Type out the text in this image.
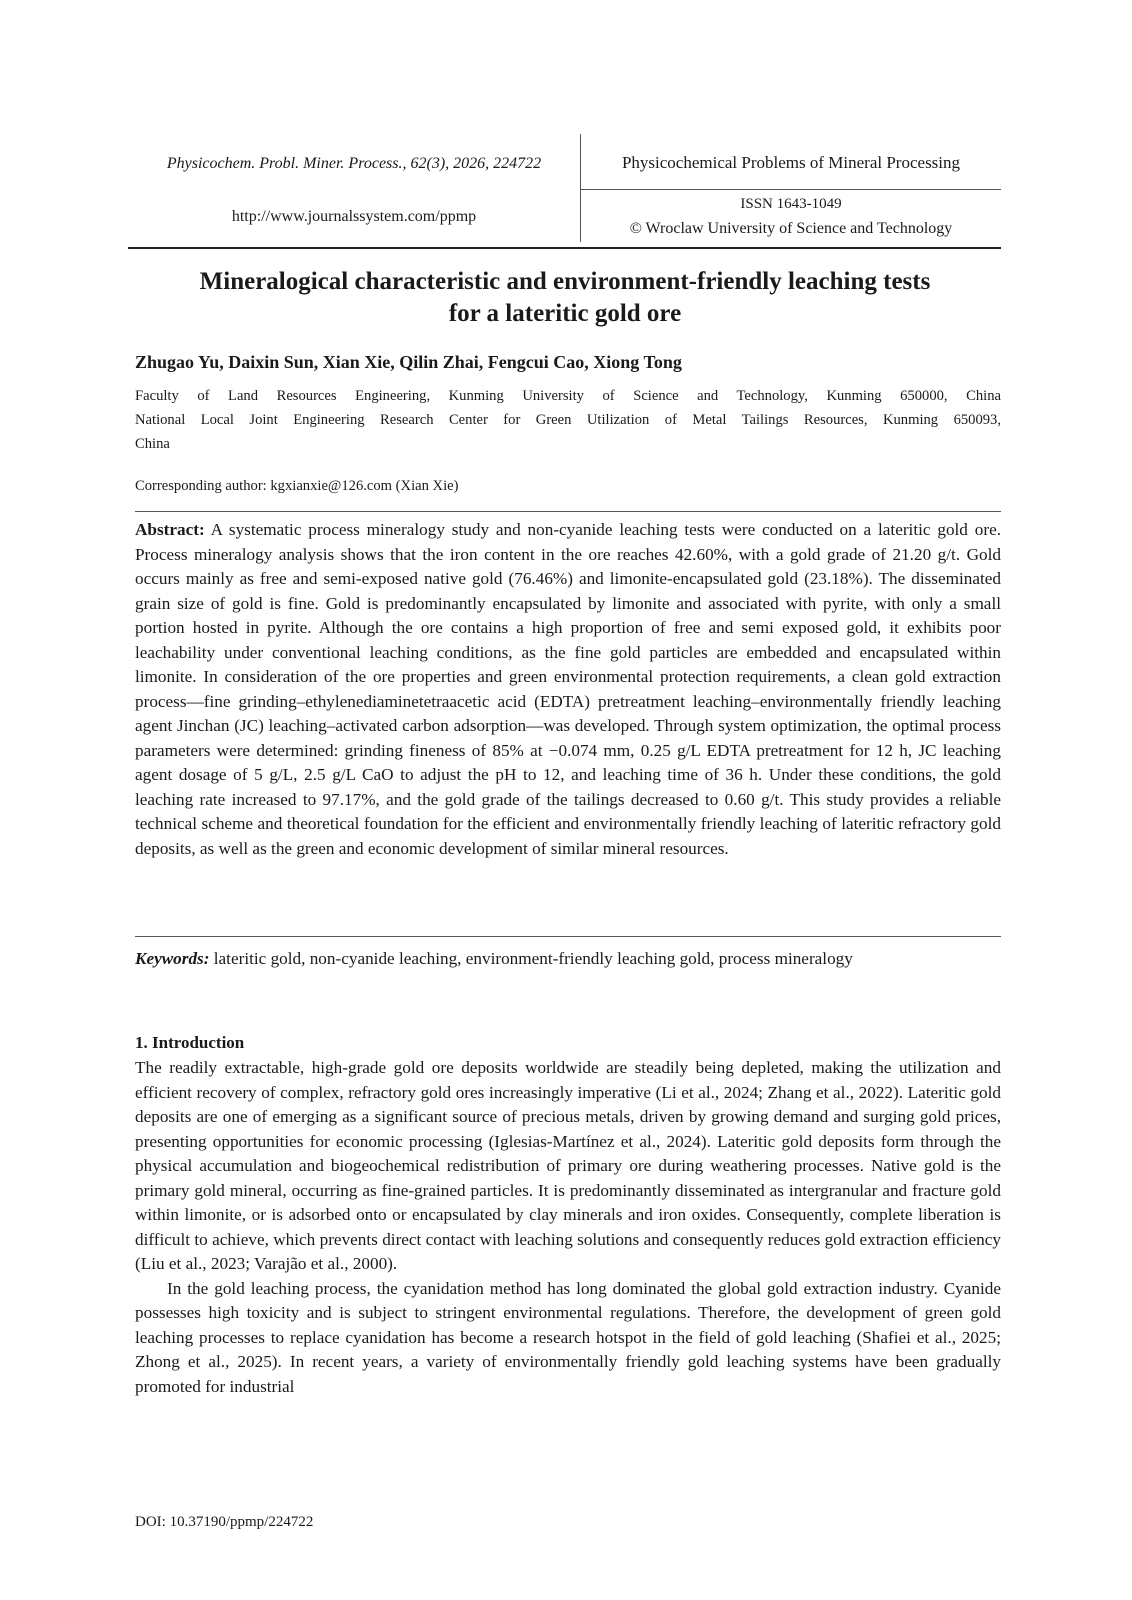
Physicochem. Probl. Miner. Process., 62(3), 2026, 224722
http://www.journalssystem.com/ppmp
Physicochemical Problems of Mineral Processing
ISSN 1643-1049
© Wroclaw University of Science and Technology
Mineralogical characteristic and environment-friendly leaching tests
for a lateritic gold ore
Zhugao Yu, Daixin Sun, Xian Xie, Qilin Zhai, Fengcui Cao, Xiong Tong
Faculty of Land Resources Engineering, Kunming University of Science and Technology, Kunming 650000, China
National Local Joint Engineering Research Center for Green Utilization of Metal Tailings Resources, Kunming 650093,
China
Corresponding author: kgxianxie@126.com (Xian Xie)

Abstract: A systematic process mineralogy study and non-cyanide leaching tests were conducted on a lateritic gold ore. Process mineralogy analysis shows that the iron content in the ore reaches 42.60%, with a gold grade of 21.20 g/t. Gold occurs mainly as free and semi-exposed native gold (76.46%) and limonite-encapsulated gold (23.18%). The disseminated grain size of gold is fine. Gold is predominantly encapsulated by limonite and associated with pyrite, with only a small portion hosted in pyrite. Although the ore contains a high proportion of free and semi exposed gold, it exhibits poor leachability under conventional leaching conditions, as the fine gold particles are embedded and encapsulated within limonite. In consideration of the ore properties and green environmental protection requirements, a clean gold extraction process—fine grinding–ethylenediaminetetraacetic acid (EDTA) pretreatment leaching–environmentally friendly leaching agent Jinchan (JC) leaching–activated carbon adsorption—was developed. Through system optimization, the optimal process parameters were determined: grinding fineness of 85% at −0.074 mm, 0.25 g/L EDTA pretreatment for 12 h, JC leaching agent dosage of 5 g/L, 2.5 g/L CaO to adjust the pH to 12, and leaching time of 36 h. Under these conditions, the gold leaching rate increased to 97.17%, and the gold grade of the tailings decreased to 0.60 g/t. This study provides a reliable technical scheme and theoretical foundation for the efficient and environmentally friendly leaching of lateritic refractory gold deposits, as well as the green and economic development of similar mineral resources.

Keywords: lateritic gold, non-cyanide leaching, environment-friendly leaching gold, process mineralogy

1. Introduction

The readily extractable, high-grade gold ore deposits worldwide are steadily being depleted, making the utilization and efficient recovery of complex, refractory gold ores increasingly imperative (Li et al., 2024; Zhang et al., 2022). Lateritic gold deposits are one of emerging as a significant source of precious metals, driven by growing demand and surging gold prices, presenting opportunities for economic processing (Iglesias-Martínez et al., 2024). Lateritic gold deposits form through the physical accumulation and biogeochemical redistribution of primary ore during weathering processes. Native gold is the primary gold mineral, occurring as fine-grained particles. It is predominantly disseminated as intergranular and fracture gold within limonite, or is adsorbed onto or encapsulated by clay minerals and iron oxides. Consequently, complete liberation is difficult to achieve, which prevents direct contact with leaching solutions and consequently reduces gold extraction efficiency (Liu et al., 2023; Varajão et al., 2000).

In the gold leaching process, the cyanidation method has long dominated the global gold extraction industry. Cyanide possesses high toxicity and is subject to stringent environmental regulations. Therefore, the development of green gold leaching processes to replace cyanidation has become a research hotspot in the field of gold leaching (Shafiei et al., 2025; Zhong et al., 2025). In recent years, a variety of environmentally friendly gold leaching systems have been gradually promoted for industrial

DOI: 10.37190/ppmp/224722
